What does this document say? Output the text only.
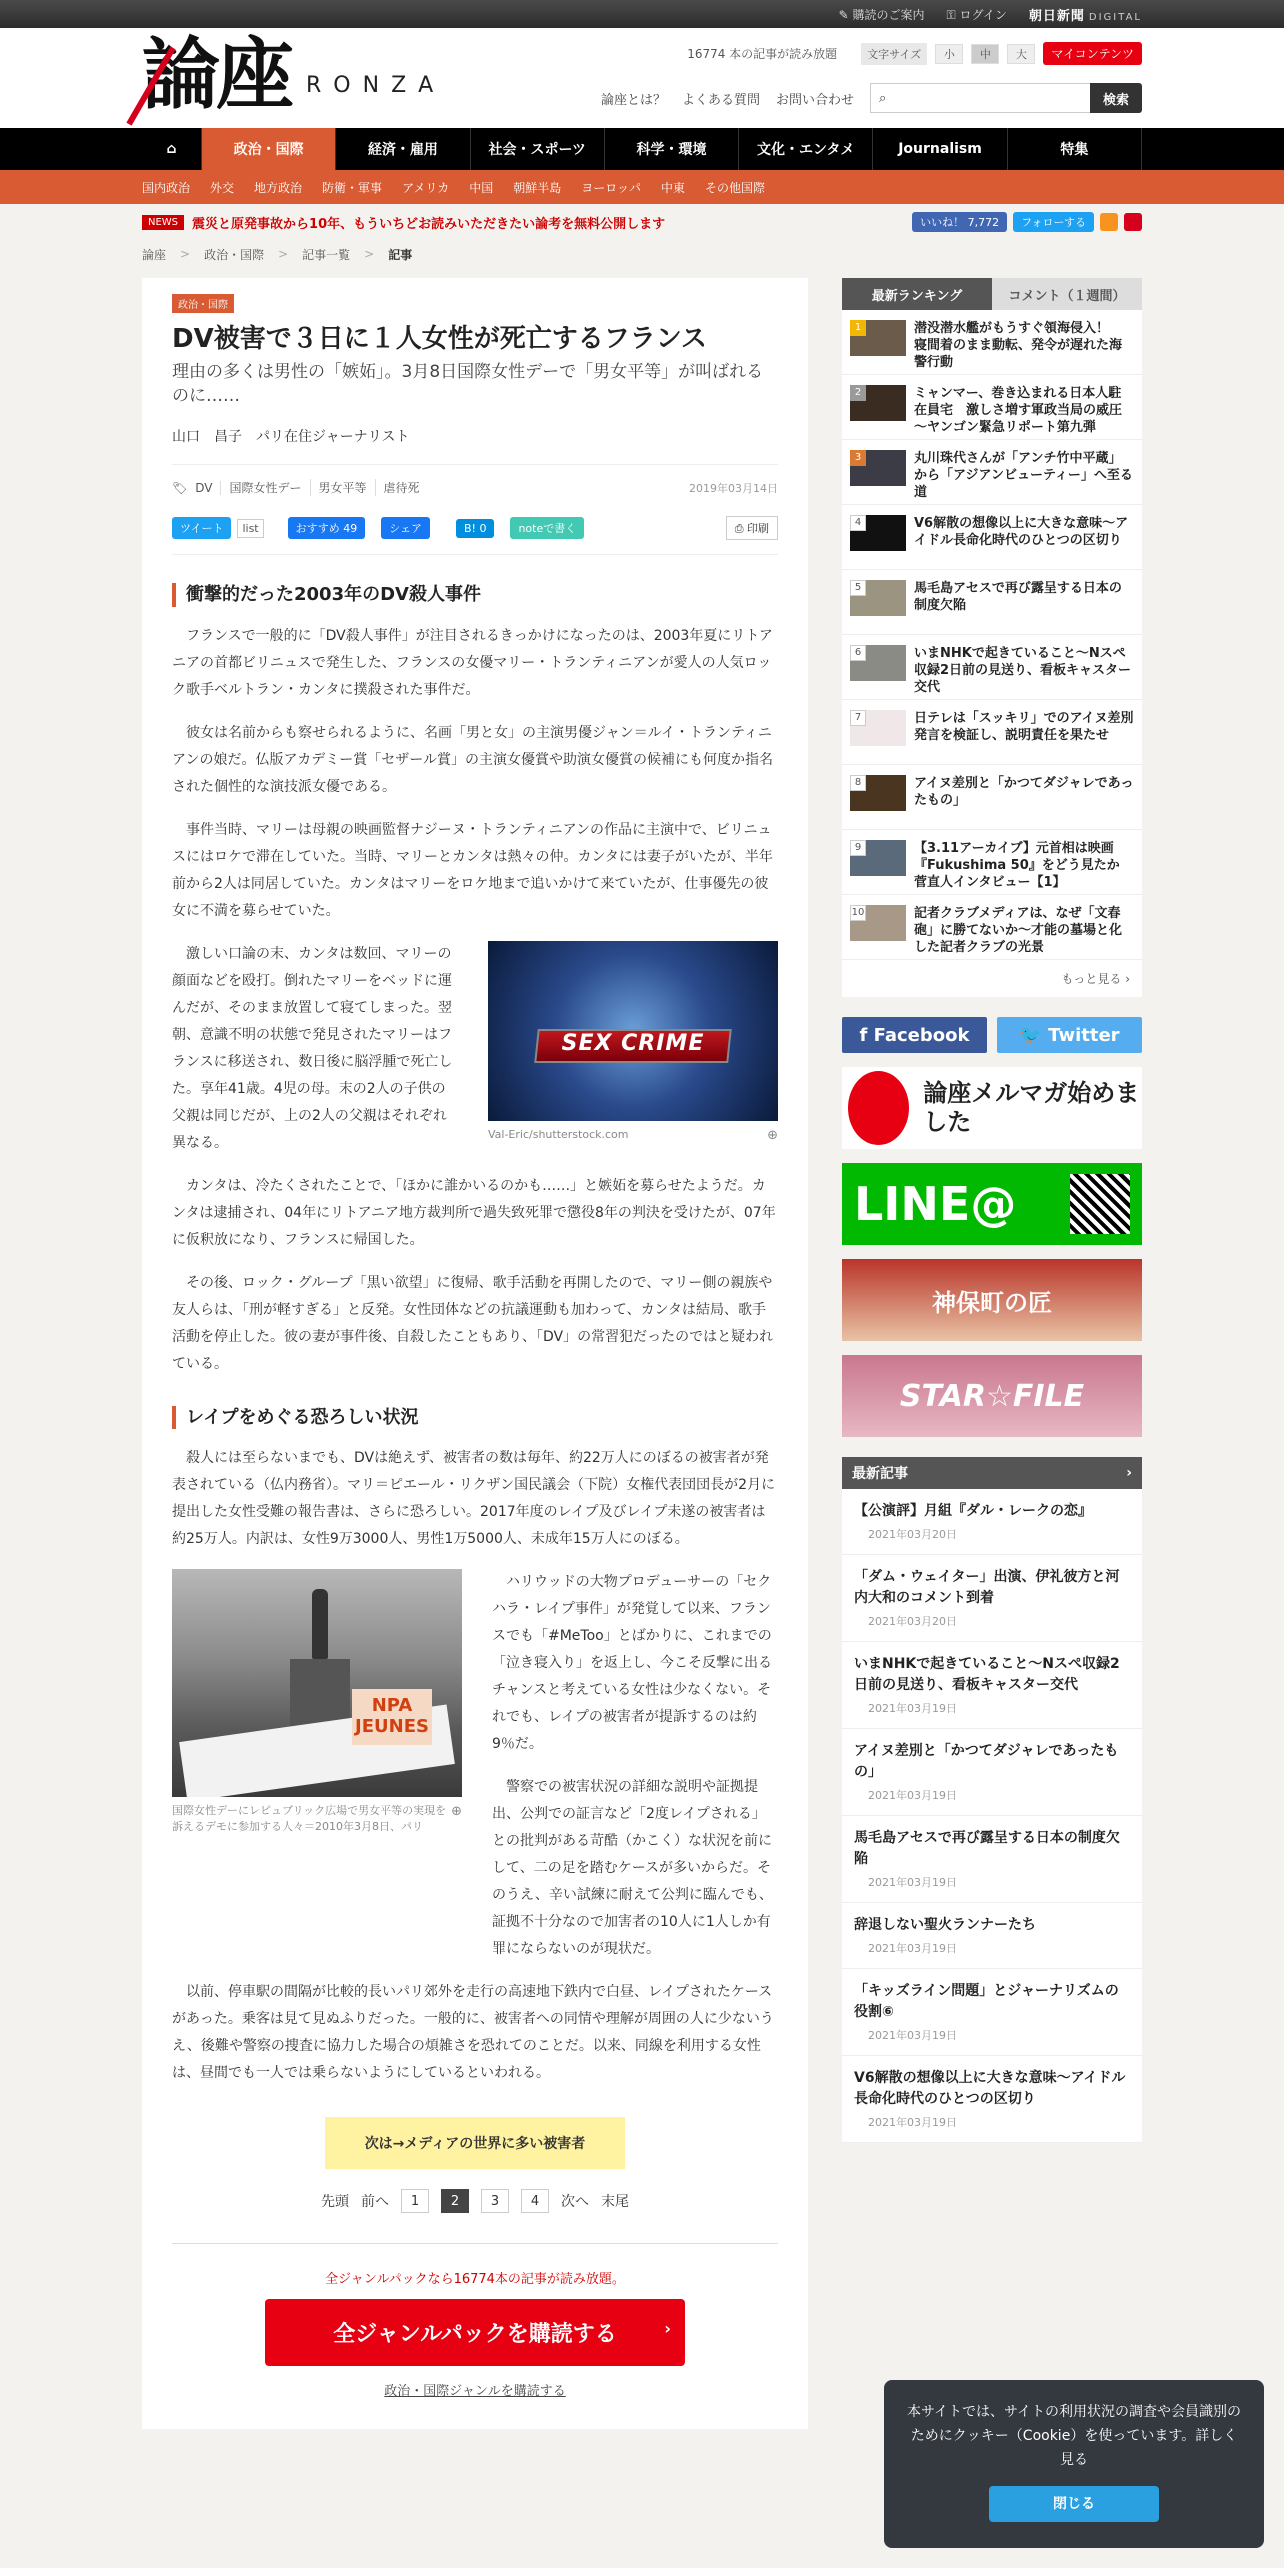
✎ 購読のご案内 ⚿ ログイン 朝日新聞 DIGITAL
論座 RONZA
16774 本の記事が読み放題	文字サイズ	小	中	大	マイコンテンツ
論座とは？ よくある質問 お問い合わせ ⌕	検索
⌂	政治・国際	経済・雇用	社会・スポーツ	科学・環境	文化・エンタメ	Journalism	特集
国内政治 外交 地方政治 防衛・軍事 アメリカ 中国 朝鮮半島 ヨーロッパ 中東 その他国際
NEWS	震災と原発事故から10年、もういちどお読みいただきたい論考を無料公開します	いいね！ 7,772	フォローする
論座 > 政治・国際 > 記事一覧 > 記事
政治・国際
DV被害で３日に１人女性が死亡するフランス
理由の多くは男性の「嫉妬」。3月8日国際女性デーで「男女平等」が叫ばれるのに……
山口　昌子　パリ在住ジャーナリスト
🏷 DV	国際女性デー	男女平等	虐待死	2019年03月14日
ツイート	list	おすすめ 49	シェア	B! 0	noteで書く	⎙ 印刷
衝撃的だった2003年のDV殺人事件

フランスで一般的に「DV殺人事件」が注目されるきっかけになったのは、2003年夏にリトアニアの首都ビリニュスで発生した、フランスの女優マリー・トランティニアンが愛人の人気ロック歌手ベルトラン・カンタに撲殺された事件だ。

彼女は名前からも察せられるように、名画「男と女」の主演男優ジャン＝ルイ・トランティニアンの娘だ。仏版アカデミー賞「セザール賞」の主演女優賞や助演女優賞の候補にも何度か指名された個性的な演技派女優である。

事件当時、マリーは母親の映画監督ナジーヌ・トランティニアンの作品に主演中で、ビリニュスにはロケで滞在していた。当時、マリーとカンタは熱々の仲。カンタには妻子がいたが、半年前から2人は同居していた。カンタはマリーをロケ地まで追いかけて来ていたが、仕事優先の彼女に不満を募らせていた。

激しい口論の末、カンタは数回、マリーの顔面などを殴打。倒れたマリーをベッドに運んだが、そのまま放置して寝てしまった。翌朝、意識不明の状態で発見されたマリーはフランスに移送され、数日後に脳浮腫で死亡した。享年41歳。4児の母。末の2人の子供の父親は同じだが、上の2人の父親はそれぞれ異なる。

SEX CRIME
Val-Eric/shutterstock.com	⊕

カンタは、冷たくされたことで、「ほかに誰かいるのかも……」と嫉妬を募らせたようだ。カンタは逮捕され、04年にリトアニア地方裁判所で過失致死罪で懲役8年の判決を受けたが、07年に仮釈放になり、フランスに帰国した。

その後、ロック・グループ「黒い欲望」に復帰、歌手活動を再開したので、マリー側の親族や友人らは、「刑が軽すぎる」と反発。女性団体などの抗議運動も加わって、カンタは結局、歌手活動を停止した。彼の妻が事件後、自殺したこともあり、「DV」の常習犯だったのではと疑われている。

レイプをめぐる恐ろしい状況

殺人には至らないまでも、DVは絶えず、被害者の数は毎年、約22万人にのぼるの被害者が発表されている（仏内務省）。マリ＝ピエール・リクザン国民議会（下院）女権代表団団長が2月に提出した女性受難の報告書は、さらに恐ろしい。2017年度のレイプ及びレイプ未遂の被害者は約25万人。内訳は、女性9万3000人、男性1万5000人、未成年15万人にのぼる。

NPA JEUNES
国際女性デーにレピュブリック広場で男女平等の実現を訴えるデモに参加する人々＝2010年3月8日、パリ
⊕

ハリウッドの大物プロデューサーの「セクハラ・レイプ事件」が発覚して以来、フランスでも「#MeToo」とばかりに、これまでの「泣き寝入り」を返上し、今こそ反撃に出るチャンスと考えている女性は少なくない。それでも、レイプの被害者が提訴するのは約9％だ。

警察での被害状況の詳細な説明や証拠提出、公判での証言など「2度レイプされる」との批判がある苛酷（かこく）な状況を前にして、二の足を踏むケースが多いからだ。そのうえ、辛い試練に耐えて公判に臨んでも、証拠不十分なので加害者の10人に1人しか有罪にならないのが現状だ。

以前、停車駅の間隔が比較的長いパリ郊外を走行の高速地下鉄内で白昼、レイプされたケースがあった。乗客は見て見ぬふりだった。一般的に、被害者への同情や理解が周囲の人に少ないうえ、後難や警察の捜査に協力した場合の煩雑さを恐れてのことだ。以来、同線を利用する女性は、昼間でも一人では乗らないようにしているといわれる。

次は→メディアの世界に多い被害者
先頭 前へ	1	2	3	4	次へ 末尾
全ジャンルパックなら16774本の記事が読み放題。
全ジャンルパックを購読する	›
政治・国際ジャンルを購読する
最新ランキング	コメント（１週間）
1	潜没潜水艦がもうすぐ領海侵入！　寝間着のまま動転、発令が遅れた海警行動
2	ミャンマー、巻き込まれる日本人駐在員宅　激しさ増す軍政当局の威圧～ヤンゴン緊急リポート第九弾
3	丸川珠代さんが「アンチ竹中平蔵」から「アジアンビューティー」へ至る道
4	V6解散の想像以上に大きな意味～アイドル長命化時代のひとつの区切り
5	馬毛島アセスで再び露呈する日本の制度欠陥
6	いまNHKで起きていること～Nスぺ収録2日前の見送り、看板キャスター交代
7	日テレは「スッキリ」でのアイヌ差別発言を検証し、説明責任を果たせ
8	アイヌ差別と「かつてダジャレであったもの」
9	【3.11アーカイブ】元首相は映画『Fukushima 50』をどう見たか　菅直人インタビュー【1】
10	記者クラブメディアは、なぜ「文春砲」に勝てないか～才能の墓場と化した記者クラブの光景
もっと見る ›
f Facebook	🐦 Twitter
論座メルマガ始めました
LINE@
神保町の匠
STAR☆FILE
最新記事	›
【公演評】月組『ダル・レークの恋』
2021年03月20日
「ダム・ウェイター」出演、伊礼彼方と河内大和のコメント到着
2021年03月20日
いまNHKで起きていること～Nスぺ収録2日前の見送り、看板キャスター交代
2021年03月19日
アイヌ差別と「かつてダジャレであったもの」
2021年03月19日
馬毛島アセスで再び露呈する日本の制度欠陥
2021年03月19日
辞退しない聖火ランナーたち
2021年03月19日
「キッズライン問題」とジャーナリズムの役割⑥
2021年03月19日
V6解散の想像以上に大きな意味～アイドル長命化時代のひとつの区切り
2021年03月19日

本サイトでは、サイトの利用状況の調査や会員識別のためにクッキー（Cookie）を使っています。詳しく見る

閉じる
